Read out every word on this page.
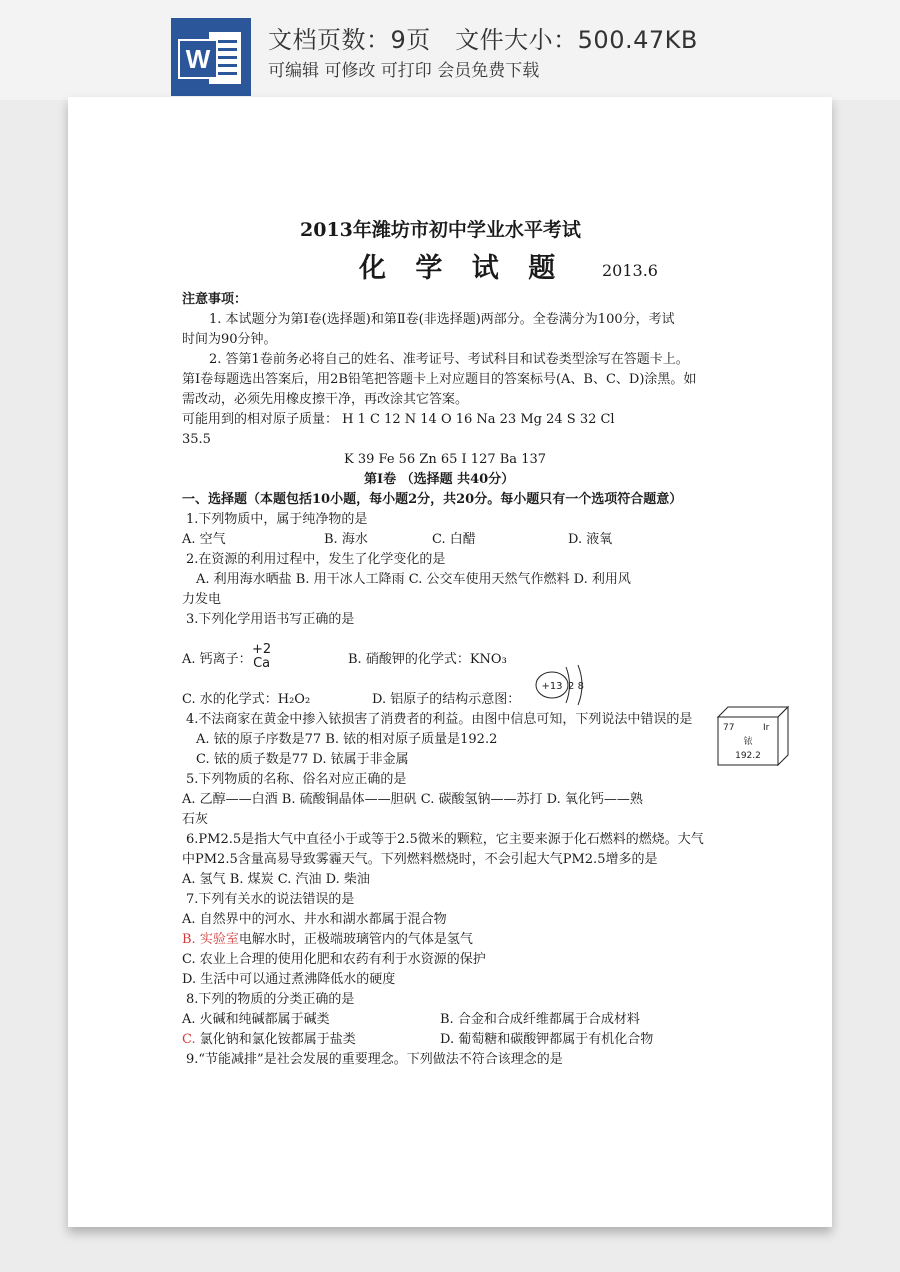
W
文档页数：9页   文件大小：500.47KB
可编辑 可修改 可打印 会员免费下载
2013年潍坊市初中学业水平考试
化 学 试 题 2013.6
注意事项：
1. 本试题分为第Ⅰ卷(选择题)和第Ⅱ卷(非选择题)两部分。全卷满分为100分，考试
时间为90分钟。
2. 答第1卷前务必将自己的姓名、准考证号、考试科目和试卷类型涂写在答题卡上。
第Ⅰ卷每题选出答案后，用2B铅笔把答题卡上对应题目的答案标号(A、B、C、D)涂黑。如
需改动，必须先用橡皮擦干净，再改涂其它答案。
可能用到的相对原子质量： H 1 C 12 N 14 O 16 Na 23 Mg 24 S 32 Cl
35.5
K 39 Fe 56 Zn 65 I 127 Ba 137
第Ⅰ卷 （选择题 共40分）
一、选择题（本题包括10小题，每小题2分，共20分。每小题只有一个选项符合题意）
1.下列物质中，属于纯净物的是
A. 空气	B. 海水	C. 白醋	D. 液氧
2.在资源的利用过程中，发生了化学变化的是
A. 利用海水晒盐 B. 用干冰人工降雨 C. 公交车使用天然气作燃料 D. 利用风
力发电
3.下列化学用语书写正确的是
A. 钙离子：
+2
Ca	B. 硝酸钾的化学式：KNO₃
C. 水的化学式：H₂O₂	D. 铝原子的结构示意图：
+13 2 8
4.不法商家在黄金中掺入铱损害了消费者的利益。由图中信息可知，下列说法中错误的是
A. 铱的原子序数是77 B. 铱的相对原子质量是192.2
C. 铱的质子数是77 D. 铱属于非金属
77	Ir
铱
192.2
5.下列物质的名称、俗名对应正确的是
A. 乙醇——白酒 B. 硫酸铜晶体——胆矾 C. 碳酸氢钠——苏打 D. 氧化钙——熟
石灰
6.PM2.5是指大气中直径小于或等于2.5微米的颗粒，它主要来源于化石燃料的燃烧。大气
中PM2.5含量高易导致雾霾天气。下列燃料燃烧时，不会引起大气PM2.5增多的是
A. 氢气 B. 煤炭 C. 汽油 D. 柴油
7.下列有关水的说法错误的是
A. 自然界中的河水、井水和湖水都属于混合物
B. 实验室电解水时，正极端玻璃管内的气体是氢气
C. 农业上合理的使用化肥和农药有利于水资源的保护
D. 生活中可以通过煮沸降低水的硬度
8.下列的物质的分类正确的是
A. 火碱和纯碱都属于碱类	B. 合金和合成纤维都属于合成材料
C. 氯化钠和氯化铵都属于盐类	D. 葡萄糖和碳酸钾都属于有机化合物
9.“节能减排”是社会发展的重要理念。下列做法不符合该理念的是
